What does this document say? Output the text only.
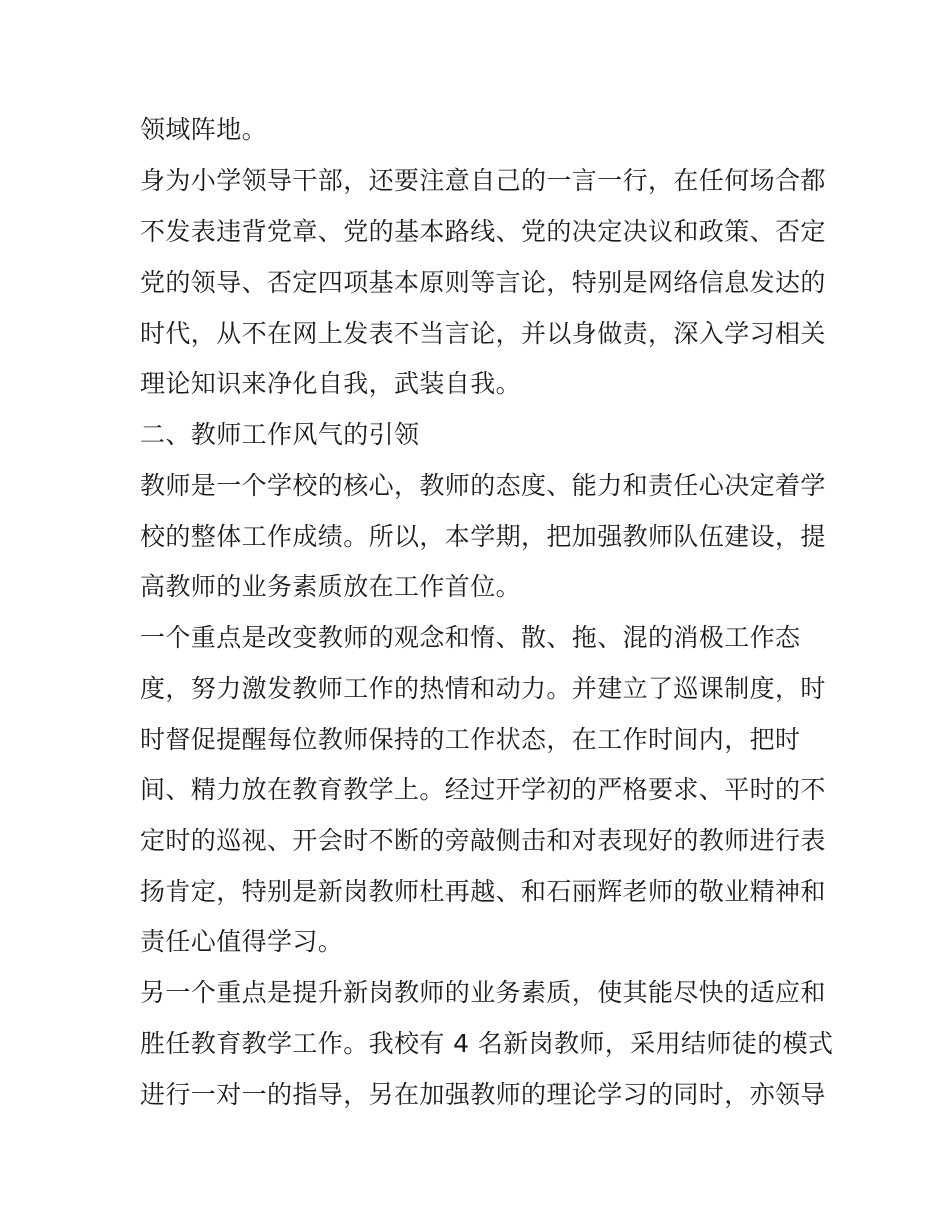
领域阵地。
身为小学领导干部，还要注意自己的一言一行，在任何场合都
不发表违背党章、党的基本路线、党的决定决议和政策、否定
党的领导、否定四项基本原则等言论，特别是网络信息发达的
时代，从不在网上发表不当言论，并以身做责，深入学习相关
理论知识来净化自我，武装自我。
二、教师工作风气的引领
教师是一个学校的核心，教师的态度、能力和责任心决定着学
校的整体工作成绩。所以，本学期，把加强教师队伍建设，提
高教师的业务素质放在工作首位。
一个重点是改变教师的观念和惰、散、拖、混的消极工作态
度，努力激发教师工作的热情和动力。并建立了巡课制度，时
时督促提醒每位教师保持的工作状态，在工作时间内，把时
间、精力放在教育教学上。经过开学初的严格要求、平时的不
定时的巡视、开会时不断的旁敲侧击和对表现好的教师进行表
扬肯定，特别是新岗教师杜再越、和石丽辉老师的敬业精神和
责任心值得学习。
另一个重点是提升新岗教师的业务素质，使其能尽快的适应和
胜任教育教学工作。我校有 4 名新岗教师，采用结师徒的模式
进行一对一的指导，另在加强教师的理论学习的同时，亦领导
